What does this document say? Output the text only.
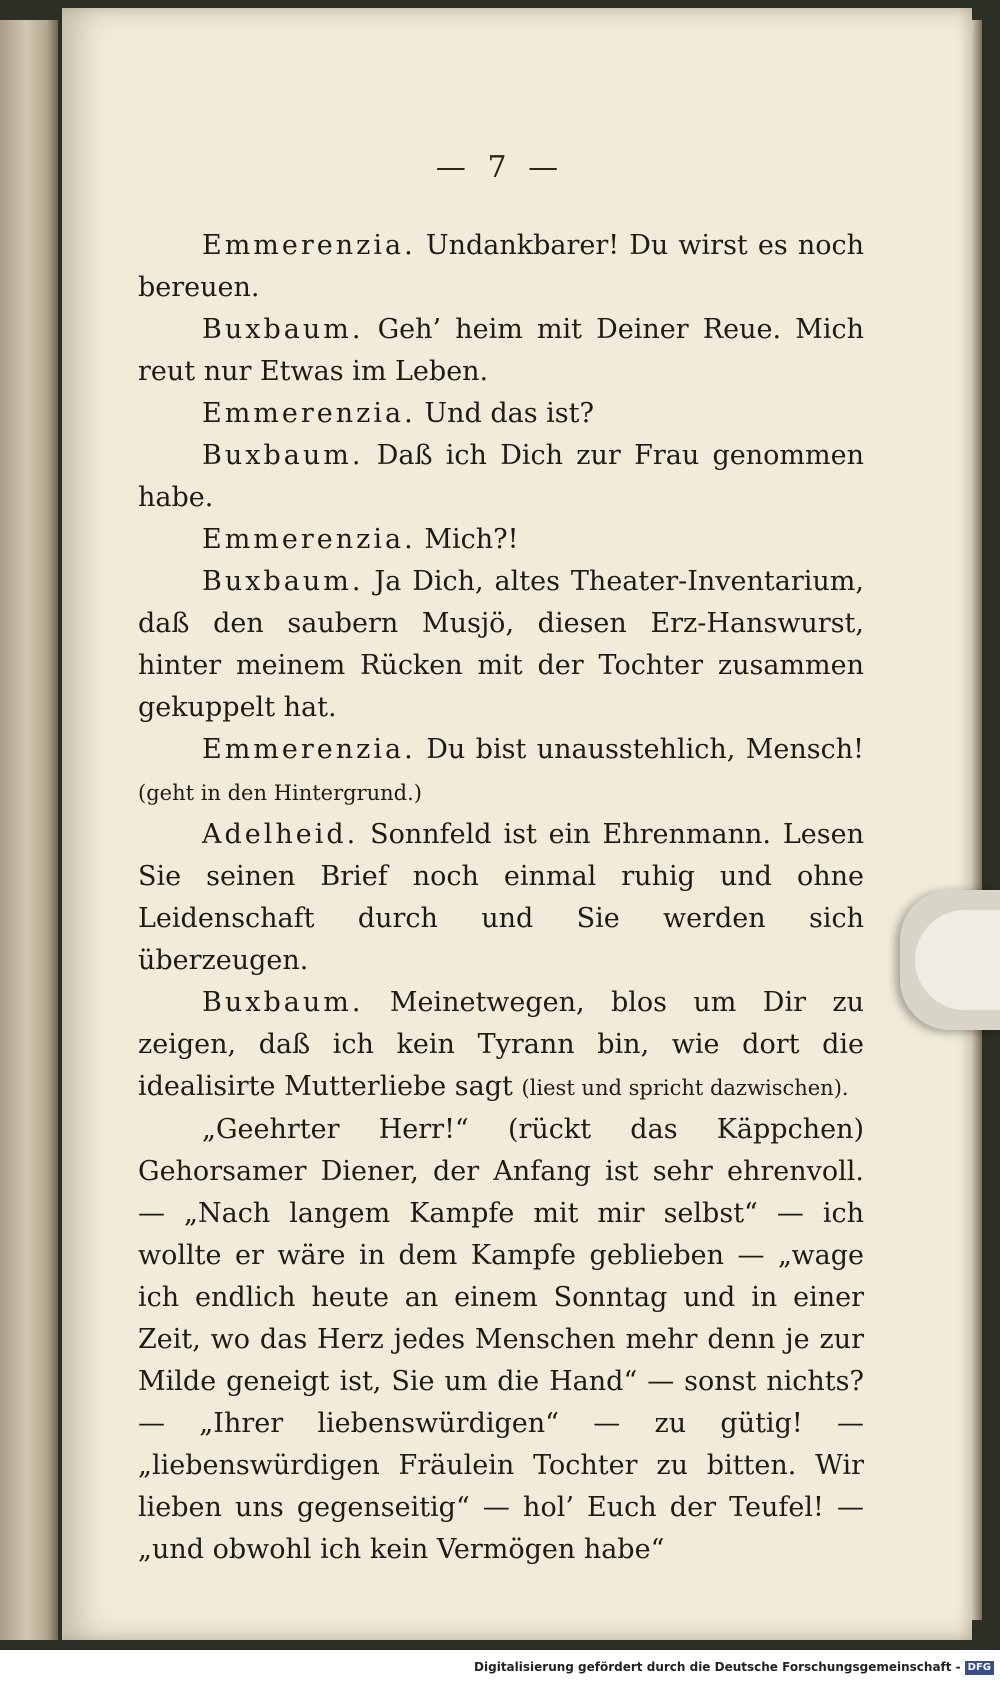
— 7 —

Emmerenzia. Undankbarer! Du wirst es noch bereuen.

Buxbaum. Geh’ heim mit Deiner Reue. Mich reut nur Etwas im Leben.

Emmerenzia. Und das ist?

Buxbaum. Daß ich Dich zur Frau genommen habe.

Emmerenzia. Mich?!

Buxbaum. Ja Dich, altes Theater-Inventarium, daß den saubern Musjö, diesen Erz-Hanswurst, hinter meinem Rücken mit der Tochter zusammen gekuppelt hat.

Emmerenzia. Du bist unausstehlich, Mensch! (geht in den Hintergrund.)

Adelheid. Sonnfeld ist ein Ehrenmann. Lesen Sie seinen Brief noch einmal ruhig und ohne Leidenschaft durch und Sie werden sich überzeugen.

Buxbaum. Meinetwegen, blos um Dir zu zeigen, daß ich kein Tyrann bin, wie dort die idealisirte Mutterliebe sagt (liest und spricht dazwischen).

„Geehrter Herr!“ (rückt das Käppchen) Gehorsamer Diener, der Anfang ist sehr ehrenvoll. — „Nach langem Kampfe mit mir selbst“ — ich wollte er wäre in dem Kampfe geblieben — „wage ich endlich heute an einem Sonntag und in einer Zeit, wo das Herz jedes Menschen mehr denn je zur Milde geneigt ist, Sie um die Hand“ — sonst nichts? — „Ihrer liebenswürdigen“ — zu gütig! — „liebenswürdigen Fräulein Tochter zu bitten. Wir lieben uns gegenseitig“ — hol’ Euch der Teufel! — „und obwohl ich kein Vermögen habe“

Digitalisierung gefördert durch die Deutsche Forschungsgemeinschaft - DFG
